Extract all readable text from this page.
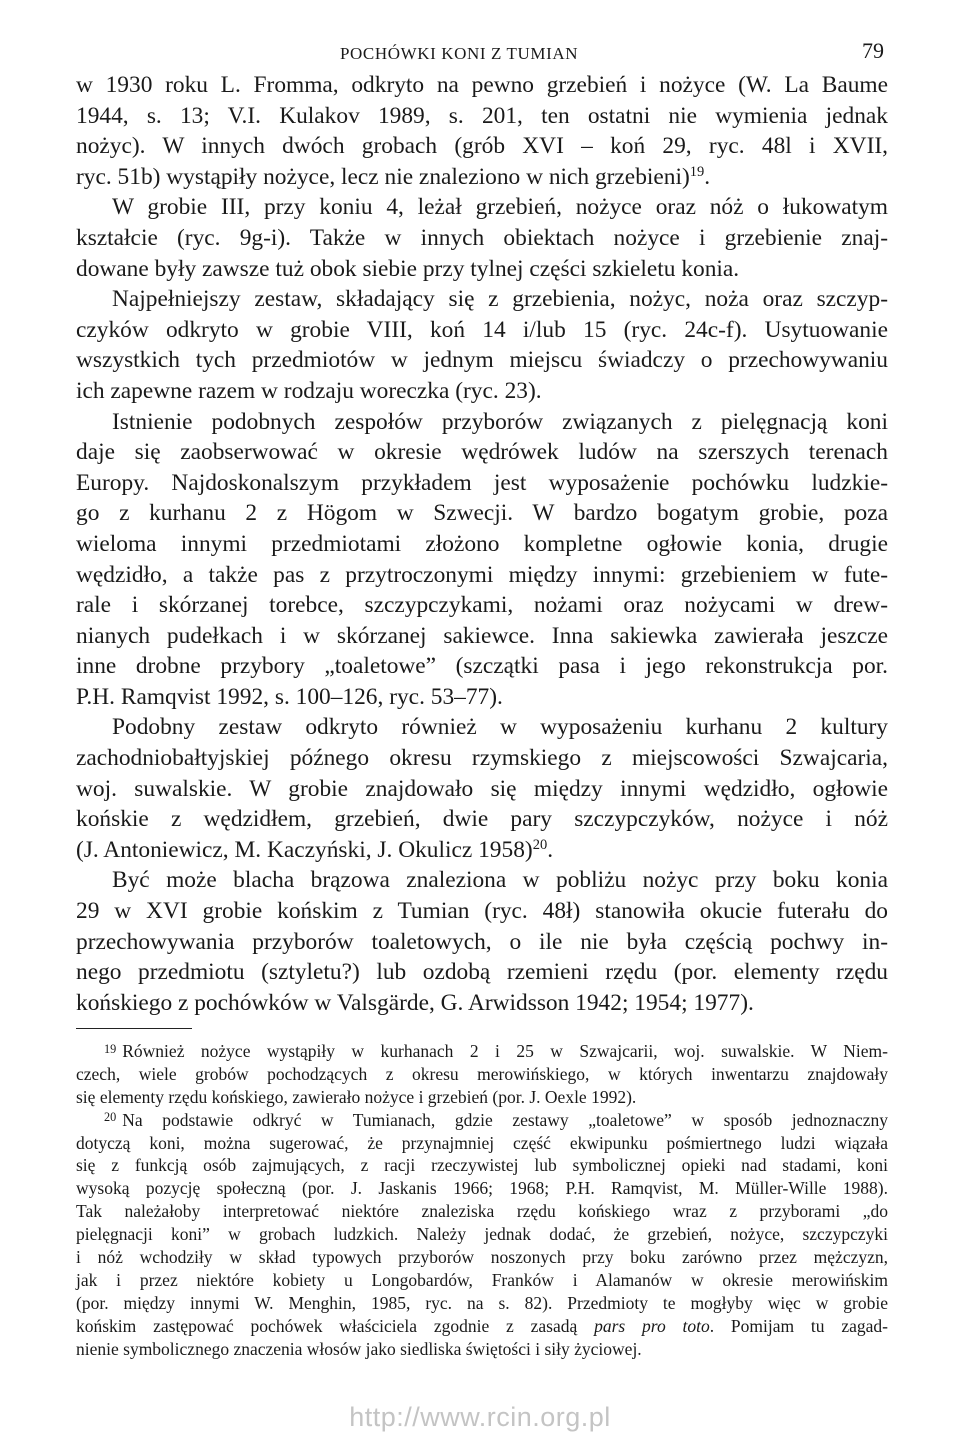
POCHÓWKI KONI Z TUMIAN	79
w 1930 roku L. Fromma, odkryto na pewno grzebień i nożyce (W. La Baume
1944, s. 13; V.I. Kulakov 1989, s. 201, ten ostatni nie wymienia jednak
nożyc). W innych dwóch grobach (grób XVI – koń 29, ryc. 48l i XVII,
ryc. 51b) wystąpiły nożyce, lecz nie znaleziono w nich grzebieni)$^{19}$.
W grobie III, przy koniu 4, leżał grzebień, nożyce oraz nóż o łukowatym
kształcie (ryc. 9g-i). Także w innych obiektach nożyce i grzebienie znaj-
dowane były zawsze tuż obok siebie przy tylnej części szkieletu konia.
Najpełniejszy zestaw, składający się z grzebienia, nożyc, noża oraz szczyp-
czyków odkryto w grobie VIII, koń 14 i/lub 15 (ryc. 24c-f). Usytuowanie
wszystkich tych przedmiotów w jednym miejscu świadczy o przechowywaniu
ich zapewne razem w rodzaju woreczka (ryc. 23).
Istnienie podobnych zespołów przyborów związanych z pielęgnacją koni
daje się zaobserwować w okresie wędrówek ludów na szerszych terenach
Europy. Najdoskonalszym przykładem jest wyposażenie pochówku ludzkie-
go z kurhanu 2 z Högom w Szwecji. W bardzo bogatym grobie, poza
wieloma innymi przedmiotami złożono kompletne ogłowie konia, drugie
wędzidło, a także pas z przytroczonymi między innymi: grzebieniem w fute-
rale i skórzanej torebce, szczypczykami, nożami oraz nożycami w drew-
nianych pudełkach i w skórzanej sakiewce. Inna sakiewka zawierała jeszcze
inne drobne przybory „toaletowe” (szczątki pasa i jego rekonstrukcja por.
P.H. Ramqvist 1992, s. 100–126, ryc. 53–77).
Podobny zestaw odkryto również w wyposażeniu kurhanu 2 kultury
zachodniobałtyjskiej późnego okresu rzymskiego z miejscowości Szwajcaria,
woj. suwalskie. W grobie znajdowało się między innymi wędzidło, ogłowie
końskie z wędzidłem, grzebień, dwie pary szczypczyków, nożyce i nóż
(J. Antoniewicz, M. Kaczyński, J. Okulicz 1958)$^{20}$.
Być może blacha brązowa znaleziona w pobliżu nożyc przy boku konia
29 w XVI grobie końskim z Tumian (ryc. 48ł) stanowiła okucie futerału do
przechowywania przyborów toaletowych, o ile nie była częścią pochwy in-
nego przedmiotu (sztyletu?) lub ozdobą rzemieni rzędu (por. elementy rzędu
końskiego z pochówków w Valsgärde, G. Arwidsson 1942; 1954; 1977).
$^{19}$ Również nożyce wystąpiły w kurhanach 2 i 25 w Szwajcarii, woj. suwalskie. W Niem-
czech, wiele grobów pochodzących z okresu merowińskiego, w których inwentarzu znajdowały
się elementy rzędu końskiego, zawierało nożyce i grzebień (por. J. Oexle 1992).
$^{20}$ Na podstawie odkryć w Tumianach, gdzie zestawy „toaletowe” w sposób jednoznaczny
dotyczą koni, można sugerować, że przynajmniej część ekwipunku pośmiertnego ludzi wiązała
się z funkcją osób zajmujących, z racji rzeczywistej lub symbolicznej opieki nad stadami, koni
wysoką pozycję społeczną (por. J. Jaskanis 1966; 1968; P.H. Ramqvist, M. Müller-Wille 1988).
Tak należałoby interpretować niektóre znaleziska rzędu końskiego wraz z przyborami „do
pielęgnacji koni” w grobach ludzkich. Należy jednak dodać, że grzebień, nożyce, szczypczyki
i nóż wchodziły w skład typowych przyborów noszonych przy boku zarówno przez mężczyzn,
jak i przez niektóre kobiety u Longobardów, Franków i Alamanów w okresie merowińskim
(por. między innymi W. Menghin, 1985, ryc. na s. 82). Przedmioty te mogłyby więc w grobie
końskim zastępować pochówek właściciela zgodnie z zasadą pars pro toto. Pomijam tu zagad-
nienie symbolicznego znaczenia włosów jako siedliska świętości i siły życiowej.
http://www.rcin.org.pl
